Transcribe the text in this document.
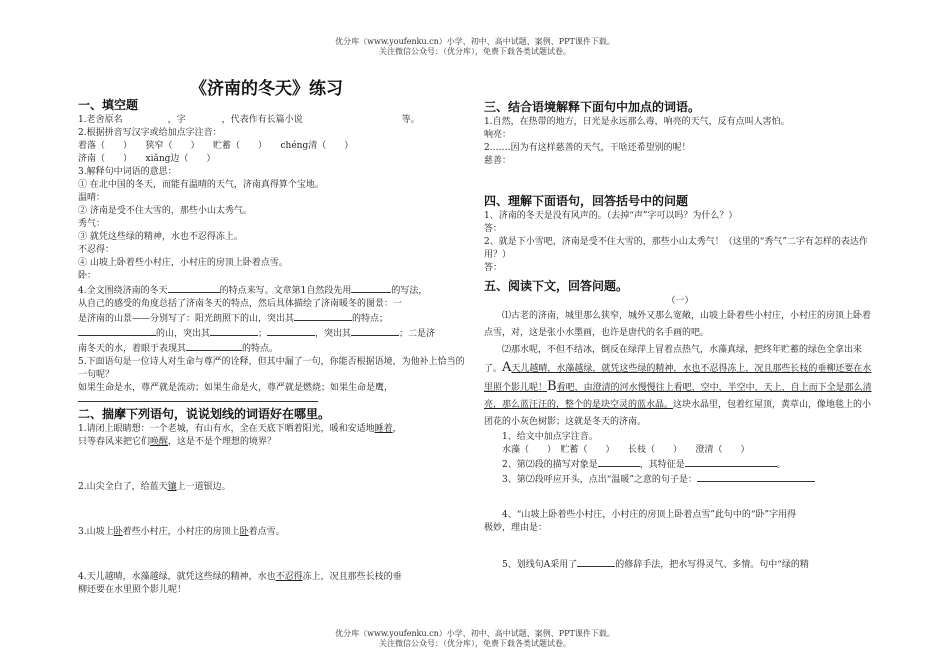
优分库（www.youfenku.cn）小学、初中、高中试题、案例、PPT课件下载。
关注微信公众号：（优分库），免费下载各类试题试卷。
《济南的冬天》练习
一、填空题
1.老舍原名　　　　　，字　　　　，代表作有长篇小说　　　　　　　　　　　等。
2.根据拼音写汉字或给加点字注音：
着落（　　）　　狭窄（　　）　　贮蓄（　　）　　chéng清（　　）
济南（　　）　　xiǎng边（　　）
3.解释句中词语的意思：
① 在北中国的冬天，而能有温晴的天气，济南真得算个宝地。
温晴：
② 济南是受不住大雪的，那些小山太秀气。
秀气：
③ 就凭这些绿的精神，水也不忍得冻上。
不忍得：
④ 山坡上卧着些小村庄，小村庄的房顶上卧着点雪。
卧：
4.全文围绕济南的冬天	的特点来写。文章第1自然段先用	的写法，
从自己的感受的角度总括了济南冬天的特点，然后具体描绘了济南暖冬的图景：一
是济南的山景——分别写了：阳光朗照下的山，突出其	的特点；
的山，突出其	；	，突出其	；二是济
南冬天的水，着眼于表现其	的特点。
5.下面语句是一位诗人对生命与尊严的诠释，但其中漏了一句，你能否根据语境，为他补上恰当的一句呢？
如果生命是水，尊严就是流动；如果生命是火，尊严就是燃烧；如果生命是鹰，
二、揣摩下列语句，说说划线的词语好在哪里。
1.请闭上眼睛想：一个老城，有山有水，全在天底下晒着阳光，暖和安适地睡着，
只等春风来把它们唤醒，这是不是个理想的境界？
2.山尖全白了，给蓝天镶上一道银边。
3.山坡上卧着些小村庄，小村庄的房顶上卧着点雪。
4.天儿越晴，水藻越绿，就凭这些绿的精神，水也不忍得冻上，况且那些长枝的垂
柳还要在水里照个影儿呢！
三、结合语境解释下面句中加点的词语。
1.自然，在热带的地方，日光是永远那么毒，响亮的天气，反有点叫人害怕。
响亮：
2.……因为有这样慈善的天气，干啥还希望别的呢！
慈善：
四、理解下面语句，回答括号中的问题
1、济南的冬天是没有风声的。（去掉“声”字可以吗？为什么？）
答：
2、就是下小雪吧，济南是受不住大雪的，那些小山太秀气！（这里的“秀气”二字有怎样的表达作用？）
答：
五、阅读下文，回答问题。
（一）
⑴古老的济南，城里那么狭窄，城外又那么宽敞，山坡上卧着些小村庄，小村庄的房顶上卧着点雪，对，这是张小水墨画，也许是唐代的名手画的吧。
⑵那水呢，不但不结冰，倒反在绿萍上冒着点热气，水藻真绿，把终年贮蓄的绿色全拿出来了。A天儿越晴，水藻越绿，就凭这些绿的精神，水也不忍得冻上，况且那些长枝的垂柳还要在水里照个影儿呢！B看吧，由澄清的河水慢慢往上看吧，空中，半空中，天上，自上而下全是那么清亮，那么蓝汪汪的，整个的是块空灵的蓝水晶。这块水晶里，包着红屋顶，黄草山，像地毯上的小团花的小灰色树影；这就是冬天的济南。
1、给文中加点字注音。
水藻（　　）　贮蓄（　　）　　长枝（　　）　　澄清（　　）
2、第⑵段的描写对象是	，其特征是	。
3、第⑵段呼应开头，点出“温暖”之意的句子是：
4、“山坡上卧着些小村庄，小村庄的房顶上卧着点雪”此句中的“卧”字用得
极妙，理由是：
5、划线句A采用了	的修辞手法，把水写得灵气、多情。句中“绿的精
优分库（www.youfenku.cn）小学、初中、高中试题、案例、PPT课件下载。
关注微信公众号：（优分库），免费下载各类试题试卷。
